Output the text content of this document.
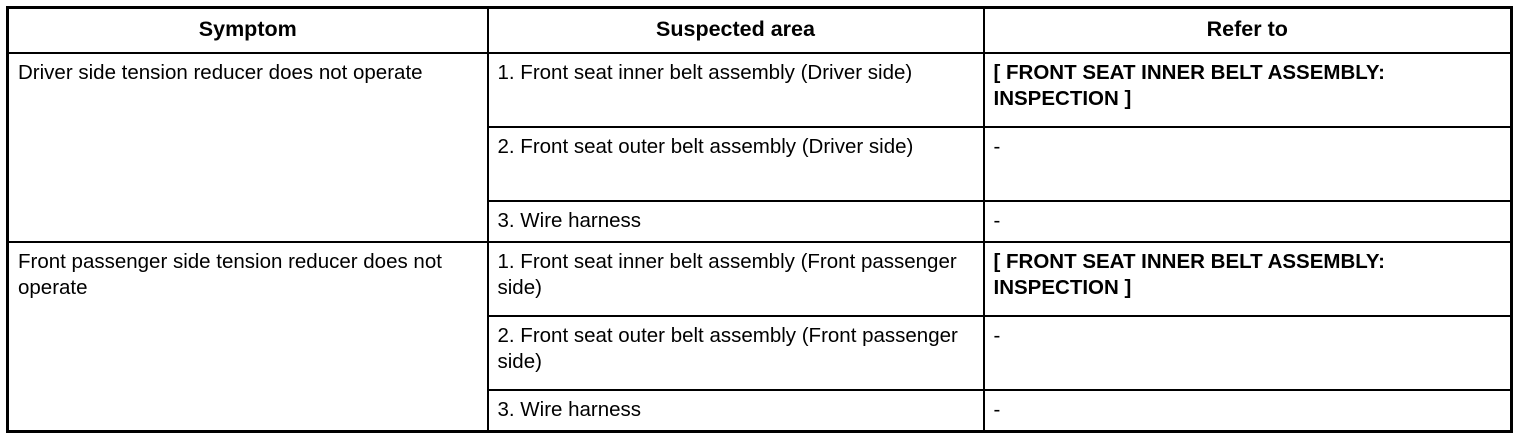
Symptom	Suspected area	Refer to
Driver side tension reducer does not operate	1. Front seat inner belt assembly (Driver side)	[ FRONT SEAT INNER BELT ASSEMBLY: INSPECTION ]
	2. Front seat outer belt assembly (Driver side)	-
	3. Wire harness	-
Front passenger side tension reducer does not operate	1. Front seat inner belt assembly (Front passenger side)	[ FRONT SEAT INNER BELT ASSEMBLY: INSPECTION ]
	2. Front seat outer belt assembly (Front passenger side)	-
	3. Wire harness	-
